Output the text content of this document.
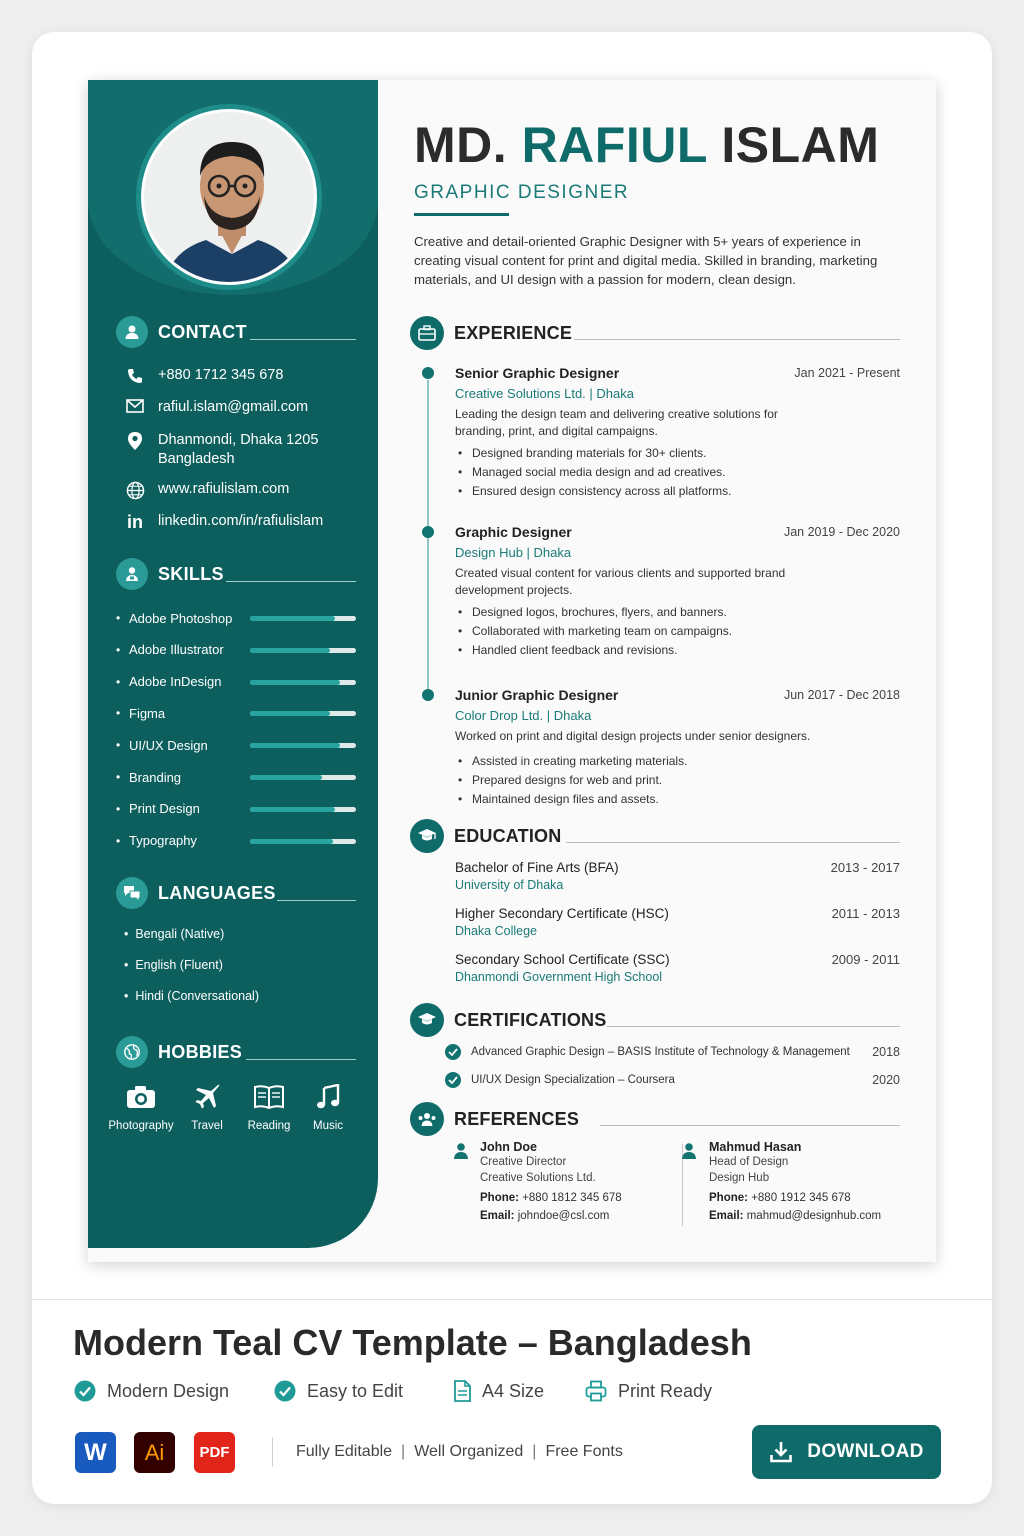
CONTACT
+880 1712 345 678
rafiul.islam@gmail.com
Dhanmondi, Dhaka 1205
Bangladesh
www.rafiulislam.com
in linkedin.com/in/rafiulislam
SKILLS
LANGUAGES
•  Bengali (Native)
•  English (Fluent)
•  Hindi (Conversational)
HOBBIES
Photography	Travel	Reading	Music
MD. RAFIUL ISLAM
GRAPHIC DESIGNER
Creative and detail-oriented Graphic Designer with 5+ years of experience in creating visual content for print and digital media. Skilled in branding, marketing materials, and UI design with a passion for modern, clean design.
EXPERIENCE
Senior Graphic Designer	Jan 2021 - Present
Creative Solutions Ltd. | Dhaka
Leading the design team and delivering creative solutions for branding, print, and digital campaigns.
• Designed branding materials for 30+ clients.
• Managed social media design and ad creatives.
• Ensured design consistency across all platforms.
Graphic Designer	Jan 2019 - Dec 2020
Design Hub | Dhaka
Created visual content for various clients and supported brand development projects.
• Designed logos, brochures, flyers, and banners.
• Collaborated with marketing team on campaigns.
• Handled client feedback and revisions.
Junior Graphic Designer	Jun 2017 - Dec 2018
Color Drop Ltd. | Dhaka
Worked on print and digital design projects under senior designers.
• Assisted in creating marketing materials.
• Prepared designs for web and print.
• Maintained design files and assets.
EDUCATION
Bachelor of Fine Arts (BFA)	2013 - 2017
University of Dhaka
Higher Secondary Certificate (HSC)	2011 - 2013
Dhaka College
Secondary School Certificate (SSC)	2009 - 2011
Dhanmondi Government High School
CERTIFICATIONS
Advanced Graphic Design – BASIS Institute of Technology & Management 2018
UI/UX Design Specialization – Coursera	2020
REFERENCES
John Doe
Creative Director
Creative Solutions Ltd.
Phone: +880 1812 345 678
Email: johndoe@csl.com
Mahmud Hasan
Head of Design
Design Hub
Phone: +880 1912 345 678
Email: mahmud@designhub.com
• Adobe Photoshop
• Adobe Illustrator
• Adobe InDesign
• Figma
• UI/UX Design
• Branding
• Print Design
• Typography
Modern Teal CV Template – Bangladesh
Modern Design	Easy to Edit	A4 Size	Print Ready
W	Ai	PDF	Fully Editable | Well Organized | Free Fonts	DOWNLOAD
